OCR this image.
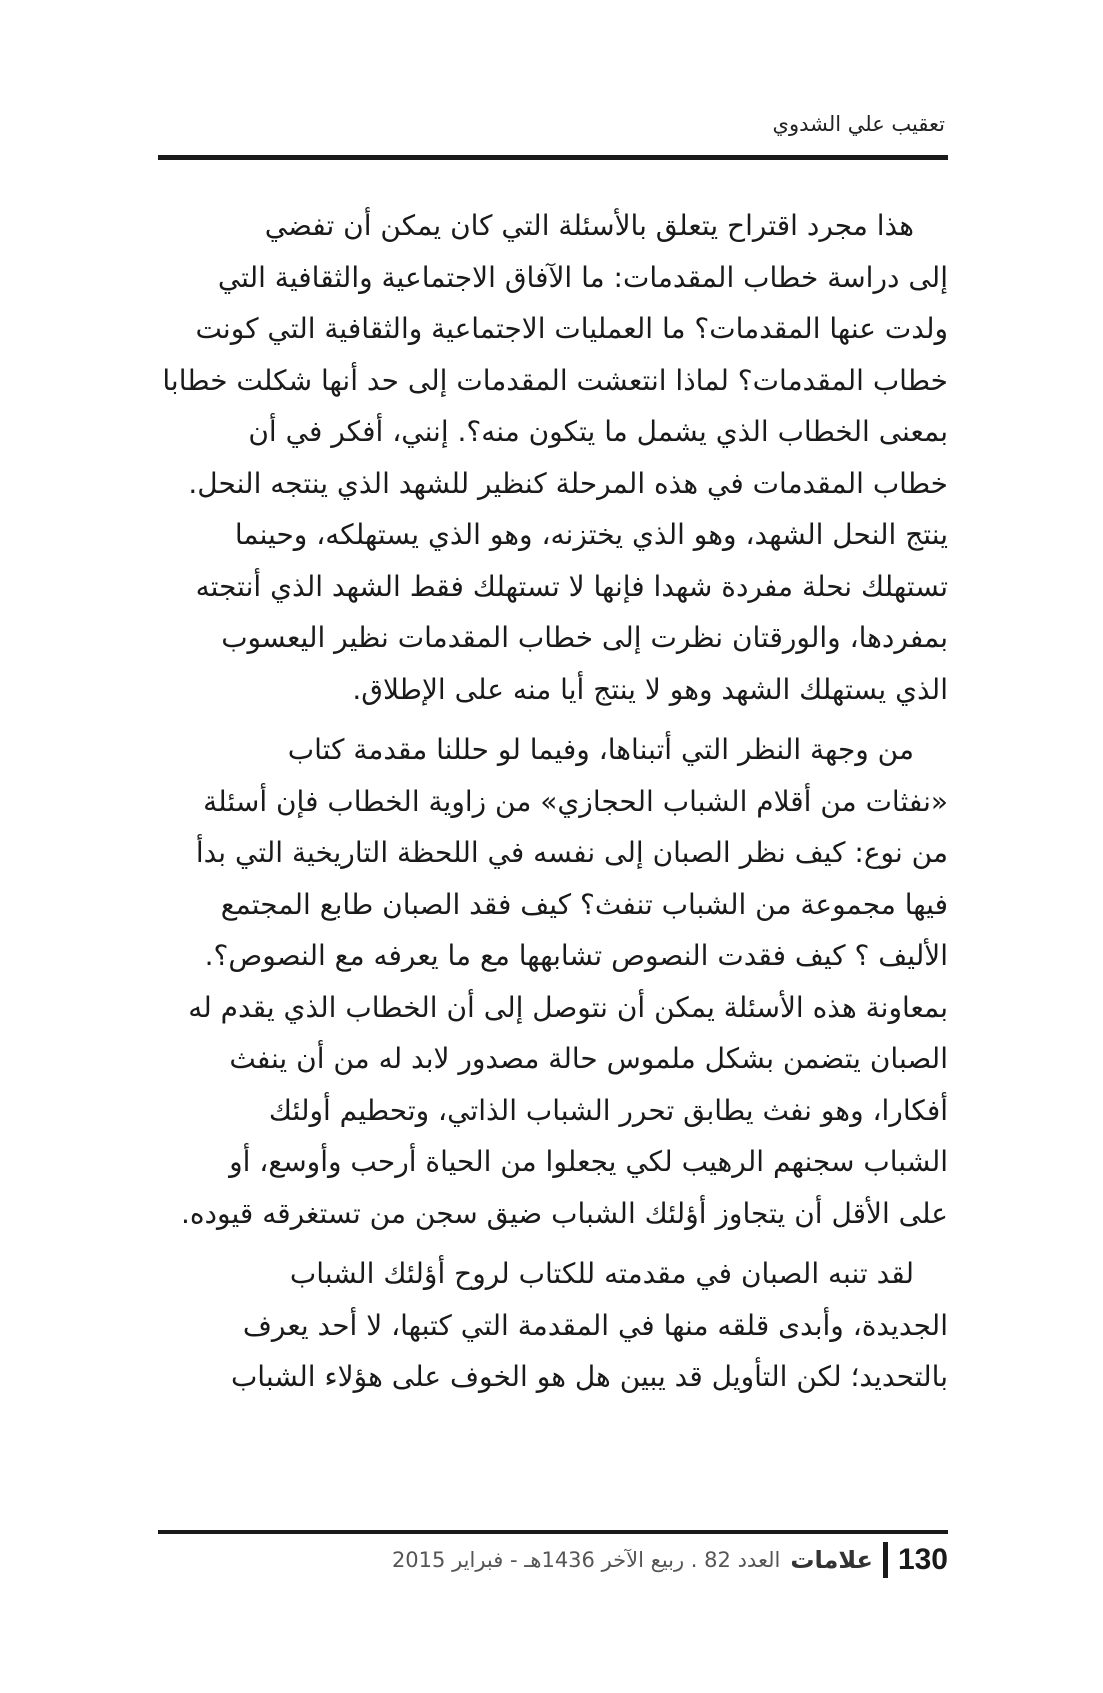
تعقيب علي الشدوي

هذا مجرد اقتراح يتعلق بالأسئلة التي كان يمكن أن تفضي

إلى دراسة خطاب المقدمات: ما الآفاق الاجتماعية والثقافية التي

ولدت عنها المقدمات؟ ما العمليات الاجتماعية والثقافية التي كونت

خطاب المقدمات؟ لماذا انتعشت المقدمات إلى حد أنها شكلت خطابا

بمعنى الخطاب الذي يشمل ما يتكون منه؟. إنني، أفكر في أن

خطاب المقدمات في هذه المرحلة كنظير للشهد الذي ينتجه النحل.

ينتج النحل الشهد، وهو الذي يختزنه، وهو الذي يستهلكه، وحينما

تستهلك نحلة مفردة شهدا فإنها لا تستهلك فقط الشهد الذي أنتجته

بمفردها، والورقتان نظرت إلى خطاب المقدمات نظير اليعسوب

الذي يستهلك الشهد وهو لا ينتج أيا منه على الإطلاق.

من وجهة النظر التي أتبناها، وفيما لو حللنا مقدمة كتاب

«نفثات من أقلام الشباب الحجازي» من زاوية الخطاب فإن أسئلة

من نوع: كيف نظر الصبان إلى نفسه في اللحظة التاريخية التي بدأ

فيها مجموعة من الشباب تنفث؟ كيف فقد الصبان طابع المجتمع

الأليف ؟ كيف فقدت النصوص تشابهها مع ما يعرفه مع النصوص؟.

بمعاونة هذه الأسئلة يمكن أن نتوصل إلى أن الخطاب الذي يقدم له

الصبان يتضمن بشكل ملموس حالة مصدور لابد له من أن ينفث

أفكارا، وهو نفث يطابق تحرر الشباب الذاتي، وتحطيم أولئك

الشباب سجنهم الرهيب لكي يجعلوا من الحياة أرحب وأوسع، أو

على الأقل أن يتجاوز أؤلئك الشباب ضيق سجن من تستغرقه قيوده.

لقد تنبه الصبان في مقدمته للكتاب لروح أؤلئك الشباب

الجديدة، وأبدى قلقه منها في المقدمة التي كتبها، لا أحد يعرف

بالتحديد؛ لكن التأويل قد يبين هل هو الخوف على هؤلاء الشباب

130
علامات
العدد 82 . ربيع الآخر 1436هـ - فبراير 2015
